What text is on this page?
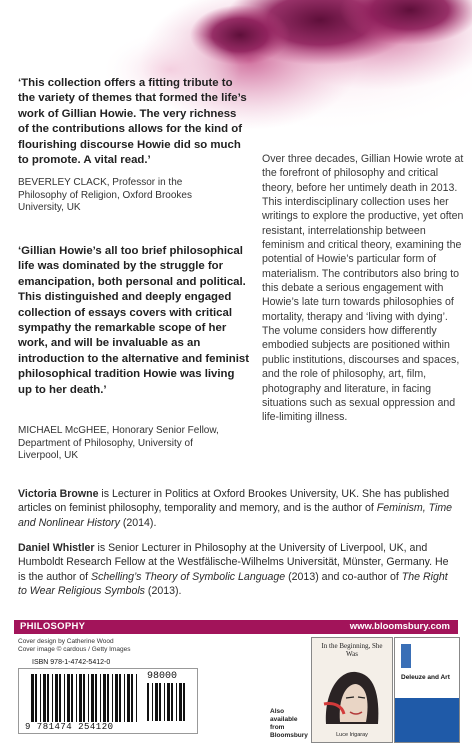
‘This collection offers a fitting tribute to the variety of themes that formed the life’s work of Gillian Howie. The very richness of the contributions allows for the kind of flourishing discourse Howie did so much to promote. A vital read.’
BEVERLEY CLACK, Professor in the Philosophy of Religion, Oxford Brookes University, UK
‘Gillian Howie’s all too brief philosophical life was dominated by the struggle for emancipation, both personal and political. This distinguished and deeply engaged collection of essays covers with critical sympathy the remarkable scope of her work, and will be invaluable as an introduction to the alternative and feminist philosophical tradition Howie was living up to her death.’
MICHAEL McGHEE, Honorary Senior Fellow, Department of Philosophy, University of Liverpool, UK
Over three decades, Gillian Howie wrote at the forefront of philosophy and critical theory, before her untimely death in 2013. This interdisciplinary collection uses her writings to explore the productive, yet often resistant, interrelationship between feminism and critical theory, examining the potential of Howie’s particular form of materialism. The contributors also bring to this debate a serious engagement with Howie’s late turn towards philosophies of mortality, therapy and ‘living with dying’. The volume considers how differently embodied subjects are positioned within public institutions, discourses and spaces, and the role of philosophy, art, film, photography and literature, in facing situations such as sexual oppression and life-limiting illness.
Victoria Browne is Lecturer in Politics at Oxford Brookes University, UK. She has published articles on feminist philosophy, temporality and memory, and is the author of Feminism, Time and Nonlinear History (2014).
Daniel Whistler is Senior Lecturer in Philosophy at the University of Liverpool, UK, and Humboldt Research Fellow at the Westfälische-Wilhelms Universität, Münster, Germany. He is the author of Schelling’s Theory of Symbolic Language (2013) and co-author of The Right to Wear Religious Symbols (2013).
PHILOSOPHY	www.bloomsbury.com
Cover design by Catherine Wood
Cover image © cardous / Getty Images
ISBN 978-1-4742-5412-0
98000
9 781474 254120
Also available from Bloomsbury
In the Beginning, She Was
Luce Irigaray
Deleuze and Art
